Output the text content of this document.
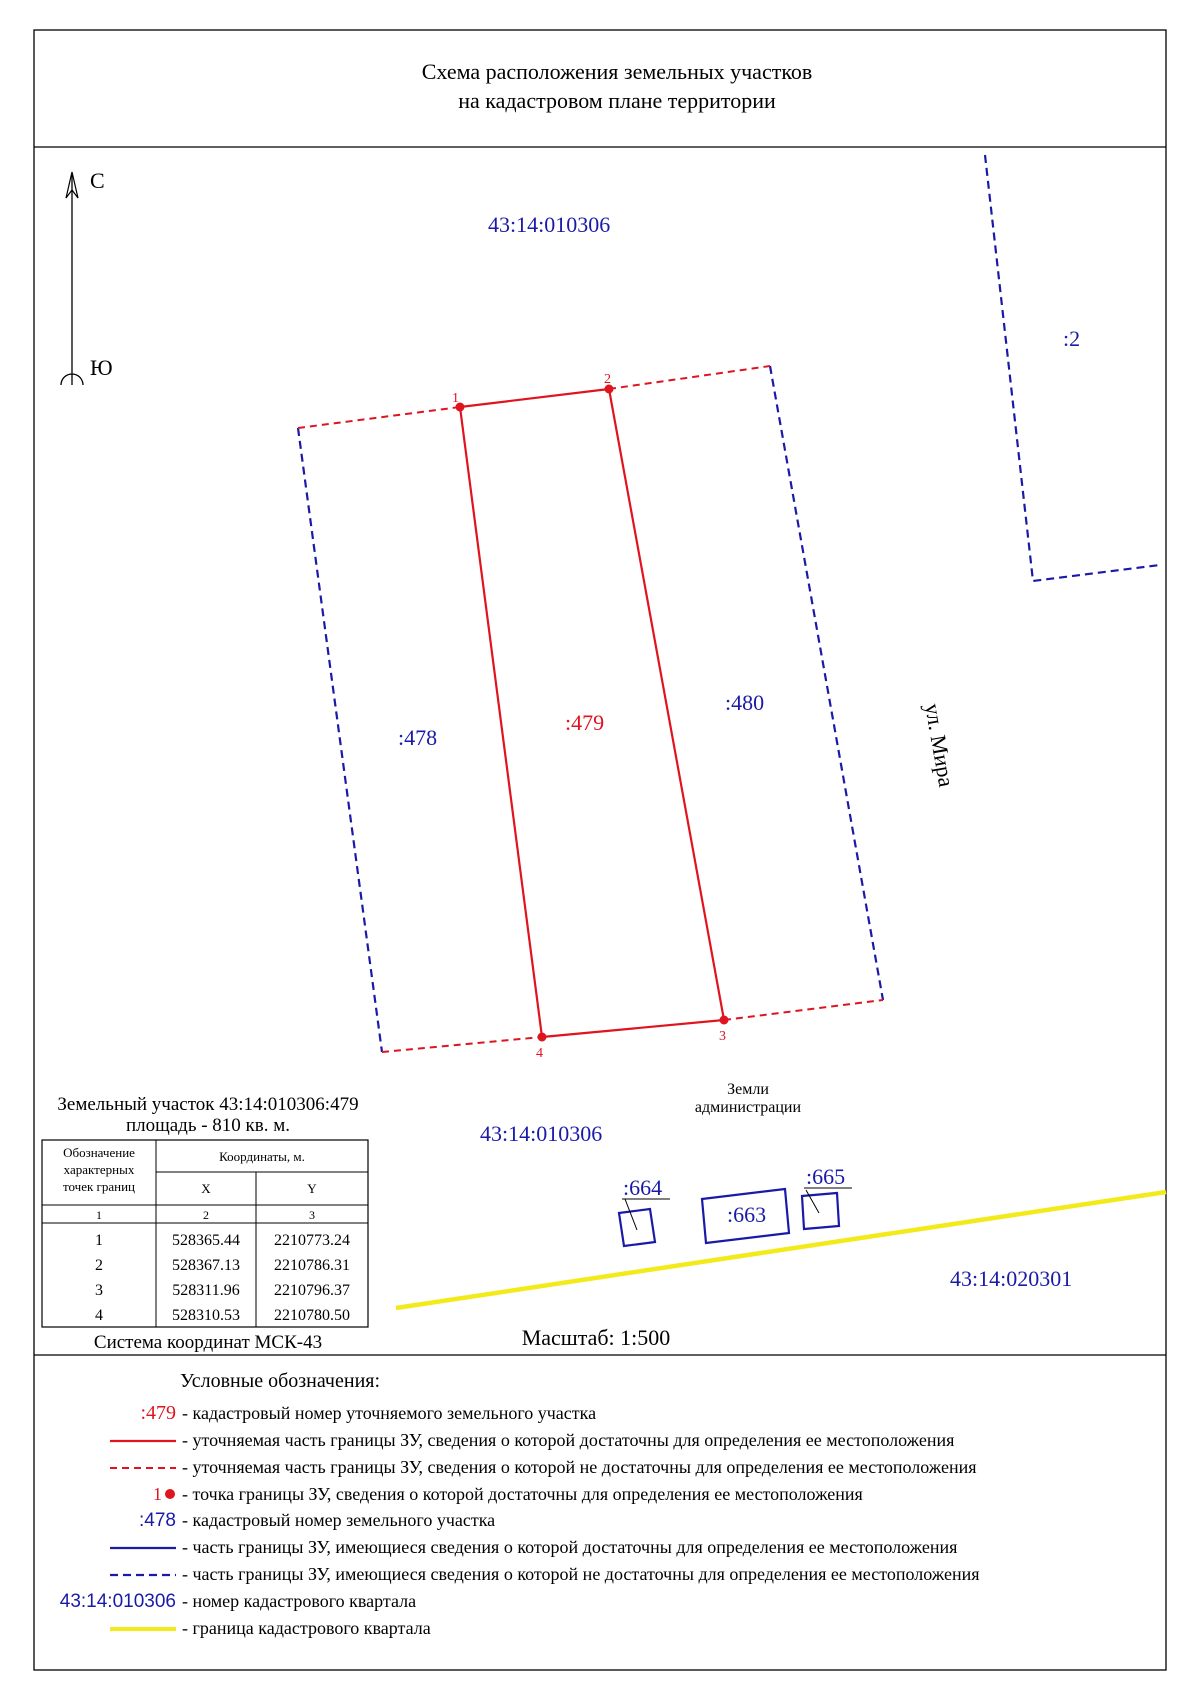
Схема расположения земельных участков
на кадастровом плане территории
С
Ю
43:14:010306
:2
1
2
3
4
:478
:479
:480	ул. Мира
Земли
администрации
43:14:010306
:664
:663
:665
43:14:020301
Земельный участок 43:14:010306:479
площадь - 810 кв. м.
Обозначение
характерных
точек границ
Координаты, м.
X	Y
1	2	3
1	528365.44 2210773.24
2	528367.13 2210786.31
3	528311.96 2210796.37
4	528310.53 2210780.50
Система координат МСК-43	Масштаб: 1:500
Условные обозначения:
:479 - кадастровый номер уточняемого земельного участка
- уточняемая часть границы ЗУ, сведения о которой достаточны для определения ее местоположения
- уточняемая часть границы ЗУ, сведения о которой не достаточны для определения ее местоположения
1 - точка границы ЗУ, сведения о которой достаточны для определения ее местоположения
:478 - кадастровый номер земельного участка
- часть границы ЗУ, имеющиеся сведения о которой достаточны для определения ее местоположения
- часть границы ЗУ, имеющиеся сведения о которой не достаточны для определения ее местоположения
43:14:010306 - номер кадастрового квартала
- граница кадастрового квартала
